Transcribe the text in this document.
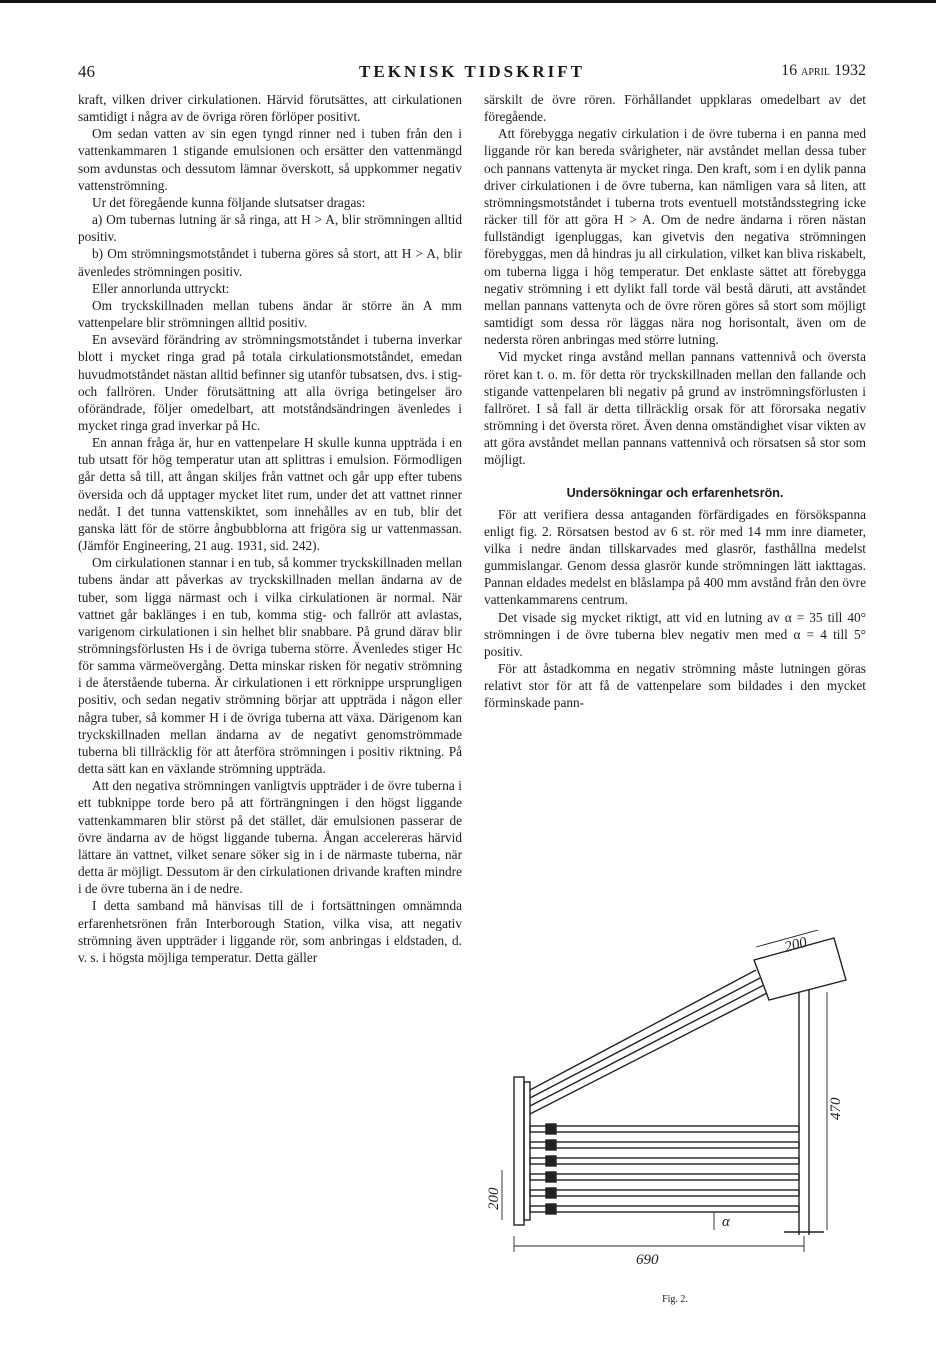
46	TEKNISK TIDSKRIFT	16 april 1932

kraft, vilken driver cirkulationen. Härvid förutsättes, att cirkulationen samtidigt i några av de övriga rören förlöper positivt.

Om sedan vatten av sin egen tyngd rinner ned i tuben från den i vattenkammaren 1 stigande emulsionen och ersätter den vattenmängd som avdunstas och dessutom lämnar överskott, så uppkommer negativ vattenströmning.

Ur det föregående kunna följande slutsatser dragas:

a) Om tubernas lutning är så ringa, att H > A, blir strömningen alltid positiv.

b) Om strömningsmotståndet i tuberna göres så stort, att H > A, blir ävenledes strömningen positiv.

Eller annorlunda uttryckt:

Om tryckskillnaden mellan tubens ändar är större än A mm vattenpelare blir strömningen alltid positiv.

En avsevärd förändring av strömningsmotståndet i tuberna inverkar blott i mycket ringa grad på totala cirkulationsmotståndet, emedan huvudmotståndet nästan alltid befinner sig utanför tubsatsen, dvs. i stig- och fallrören. Under förutsättning att alla övriga betingelser äro oförändrade, följer omedelbart, att motståndsändringen ävenledes i mycket ringa grad inverkar på Hc.

En annan fråga är, hur en vattenpelare H skulle kunna uppträda i en tub utsatt för hög temperatur utan att splittras i emulsion. Förmodligen går detta så till, att ångan skiljes från vattnet och går upp efter tubens översida och då upptager mycket litet rum, under det att vattnet rinner nedåt. I det tunna vattenskiktet, som innehålles av en tub, blir det ganska lätt för de större ångbubblorna att frigöra sig ur vattenmassan. (Jämför Engineering, 21 aug. 1931, sid. 242).

Om cirkulationen stannar i en tub, så kommer tryckskillnaden mellan tubens ändar att påverkas av tryckskillnaden mellan ändarna av de tuber, som ligga närmast och i vilka cirkulationen är normal. När vattnet går baklänges i en tub, komma stig- och fallrör att avlastas, varigenom cirkulationen i sin helhet blir snabbare. På grund därav blir strömningsförlusten Hs i de övriga tuberna större. Ävenledes stiger Hc för samma värmeövergång. Detta minskar risken för negativ strömning i de återstående tuberna. Är cirkulationen i ett rörknippe ursprungligen positiv, och sedan negativ strömning börjar att uppträda i någon eller några tuber, så kommer H i de övriga tuberna att växa. Därigenom kan tryckskillnaden mellan ändarna av de negativt genomströmmade tuberna bli tillräcklig för att återföra strömningen i positiv riktning. På detta sätt kan en växlande strömning uppträda.

Att den negativa strömningen vanligtvis uppträder i de övre tuberna i ett tubknippe torde bero på att förträngningen i den högst liggande vattenkammaren blir störst på det stället, där emulsionen passerar de övre ändarna av de högst liggande tuberna. Ångan accelereras härvid lättare än vattnet, vilket senare söker sig in i de närmaste tuberna, när detta är möjligt. Dessutom är den cirkulationen drivande kraften mindre i de övre tuberna än i de nedre.

I detta samband må hänvisas till de i fortsättningen omnämnda erfarenhetsrönen från Interborough Station, vilka visa, att negativ strömning även uppträder i liggande rör, som anbringas i eldstaden, d. v. s. i högsta möjliga temperatur. Detta gäller

särskilt de övre rören. Förhållandet uppklaras omedelbart av det föregående.

Att förebygga negativ cirkulation i de övre tuberna i en panna med liggande rör kan bereda svårigheter, när avståndet mellan dessa tuber och pannans vattenyta är mycket ringa. Den kraft, som i en dylik panna driver cirkulationen i de övre tuberna, kan nämligen vara så liten, att strömningsmotståndet i tuberna trots eventuell motståndsstegring icke räcker till för att göra H > A. Om de nedre ändarna i rören nästan fullständigt igenpluggas, kan givetvis den negativa strömningen förebyggas, men då hindras ju all cirkulation, vilket kan bliva riskabelt, om tuberna ligga i hög temperatur. Det enklaste sättet att förebygga negativ strömning i ett dylikt fall torde väl bestå däruti, att avståndet mellan pannans vattenyta och de övre rören göres så stort som möjligt samtidigt som dessa rör läggas nära nog horisontalt, även om de nedersta rören anbringas med större lutning.

Vid mycket ringa avstånd mellan pannans vattennivå och översta röret kan t. o. m. för detta rör tryckskillnaden mellan den fallande och stigande vattenpelaren bli negativ på grund av inströmningsförlusten i fallröret. I så fall är detta tillräcklig orsak för att förorsaka negativ strömning i det översta röret. Även denna omständighet visar vikten av att göra avståndet mellan pannans vattennivå och rörsatsen så stor som möjligt.

Undersökningar och erfarenhetsrön.

För att verifiera dessa antaganden förfärdigades en försökspanna enligt fig. 2. Rörsatsen bestod av 6 st. rör med 14 mm inre diameter, vilka i nedre ändan tillskarvades med glasrör, fasthållna medelst gummislangar. Genom dessa glasrör kunde strömningen lätt iakttagas. Pannan eldades medelst en blåslampa på 400 mm avstånd från den övre vattenkammarens centrum.

Det visade sig mycket riktigt, att vid en lutning av α = 35 till 40° strömningen i de övre tuberna blev negativ men med α = 4 till 5° positiv.

För att åstadkomma en negativ strömning måste lutningen göras relativt stor för att få de vattenpelare som bildades i den mycket förminskade pann-

200
470
200
690
α
Fig. 2.
